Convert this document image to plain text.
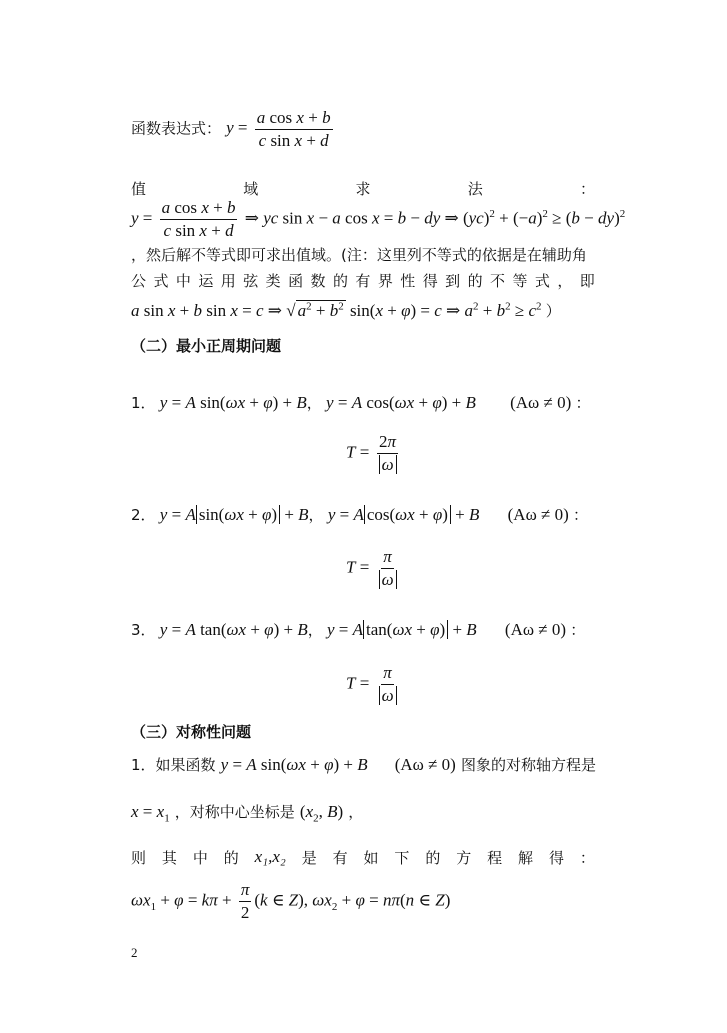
函数表达式： $y = \frac{\text{a cos x + b}}{\text{c sin x + d}}$
值	域	求	法	：
$y = \frac{\text{a cos x + b}}{\text{c sin x + d}}$ ⇒ yc sin x − a cos x = b − dy ⇒ $(yc)^2 + (-a)^2 \ge (b - dy)^2$
，然后解不等式即可求出值域。(注：这里列不等式的依据是在辅助角
公 式 中 运 用 弦 类 函 数 的 有 界 性 得 到 的 不 等 式 ， 即
a sin x + b sin x = c ⇒ √ $a^2 + b^2$ sin(x + φ) = c ⇒ $a^2 + b^2 \ge c^2$ ）
（二）最小正周期问题
1． y = A sin(ωx + φ) + B， y = A cos(ωx + φ) + B (Aω ≠ 0) ：
$T = \frac{2\pi}{\omega}$
2． y = A sin(ωx + φ) + B， y = A cos(ωx + φ) + B (Aω ≠ 0) ：
$T = \frac{\pi}{\omega}$
3． y = A tan(ωx + φ) + B， y = A tan(ωx + φ) + B (Aω ≠ 0) ：
$T = \frac{\pi}{\omega}$
（三）对称性问题
1．如果函数 y = A sin(ωx + φ) + B (Aω ≠ 0) 图象的对称轴方程是
$x = x_1$ ，对称中心坐标是 ($x_2$, B) ，
则 其 中 的 x₁,x₂ 是 有 如 下 的 方 程 解 得 ：
$\omega x_1 + \varphi = k\pi + \frac{\pi}{2} (k$ ∈ Z), $\omega x_2 + \varphi = n\pi(n$ ∈ Z)
2
